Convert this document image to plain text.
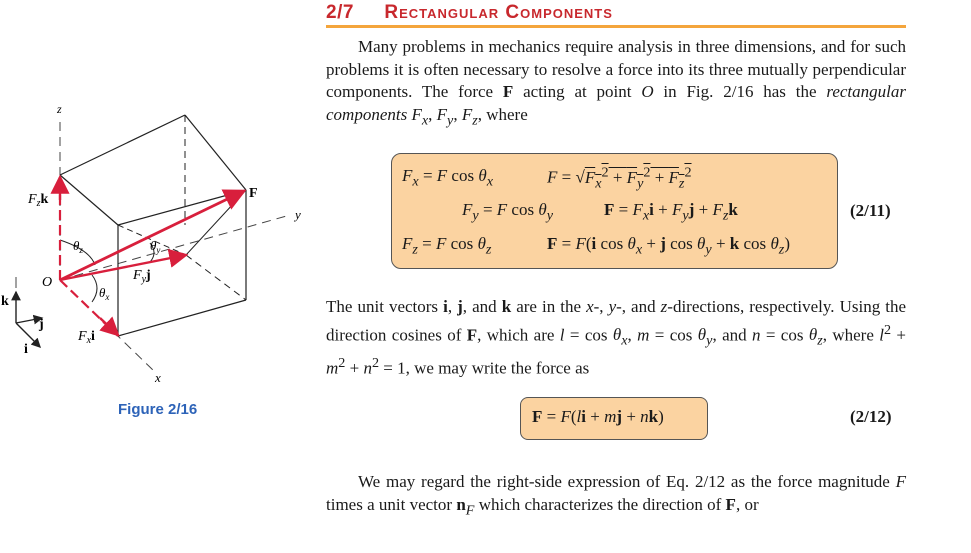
2/7 Rectangular Components
Many problems in mechanics require analysis in three dimensions, and for such problems it is often necessary to resolve a force into its three mutually perpendicular components. The force F acting at point O in Fig. 2/16 has the rectangular components $F_x$, $F_y$, $F_z$, where
$F_x = F$ $\cos \theta_x$	$F = √F_x^2 + F_y^2 + F_z^2$
$F_y = F$ $\cos \theta_y$	$F = F_xi + F_yj + F_zk$
$F_z = F$ $\cos \theta_z$	F = F(i $\cos \theta_x + j$ $\cos \theta_y + k$ $\cos \theta_z$)
(2/11)
The unit vectors i, j, and k are in the x-, y-, and z-directions, respectively. Using the direction cosines of F, which are $l = \cos \theta_x$, $m = \cos \theta_y$, and $n = \cos \theta_z$, where $l^2 + m^2 + n^2 = 1$, we may write the force as
F = F(li + mj + nk)	(2/12)
We may regard the right-side expression of Eq. 2/12 as the force magnitude F times a unit vector $n_F$ which characterizes the direction of F, or
z
y
x
O
F
$F_zk$
$F_yj$
$F_xi$
$\theta_z$
$\theta_x$
$\theta_y$
k
j
i
Figure 2/16
